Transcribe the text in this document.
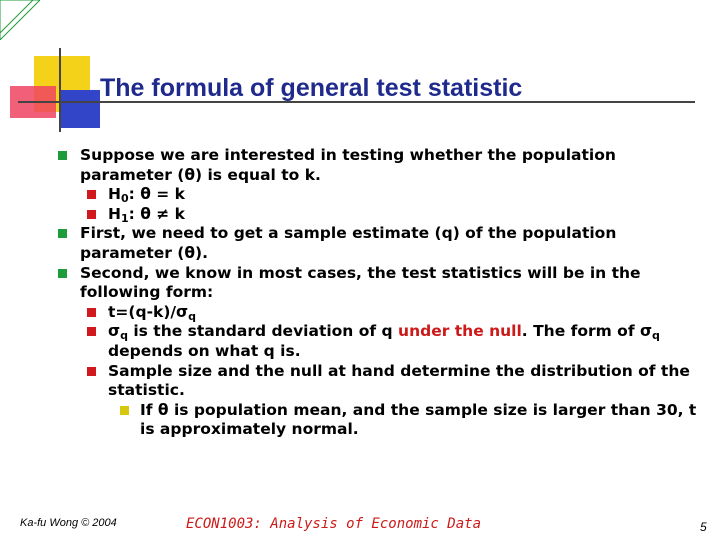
The formula of general test statistic
Suppose we are interested in testing whether the population parameter (θ) is equal to k.
$H_0$: θ = k
$H_1$: θ ≠ k
First, we need to get a sample estimate (q) of the population parameter (θ).
Second, we know in most cases, the test statistics will be in the following form:
$t=(q-k)/\sigma_q$
$\sigma_q$ is the standard deviation of q under the null. The form of $\sigma_q$ depends on what q is.
Sample size and the null at hand determine the distribution of the statistic.
If θ is population mean, and the sample size is larger than 30, t is approximately normal.
Ka-fu Wong © 2004	ECON1003: Analysis of Economic Data	5
